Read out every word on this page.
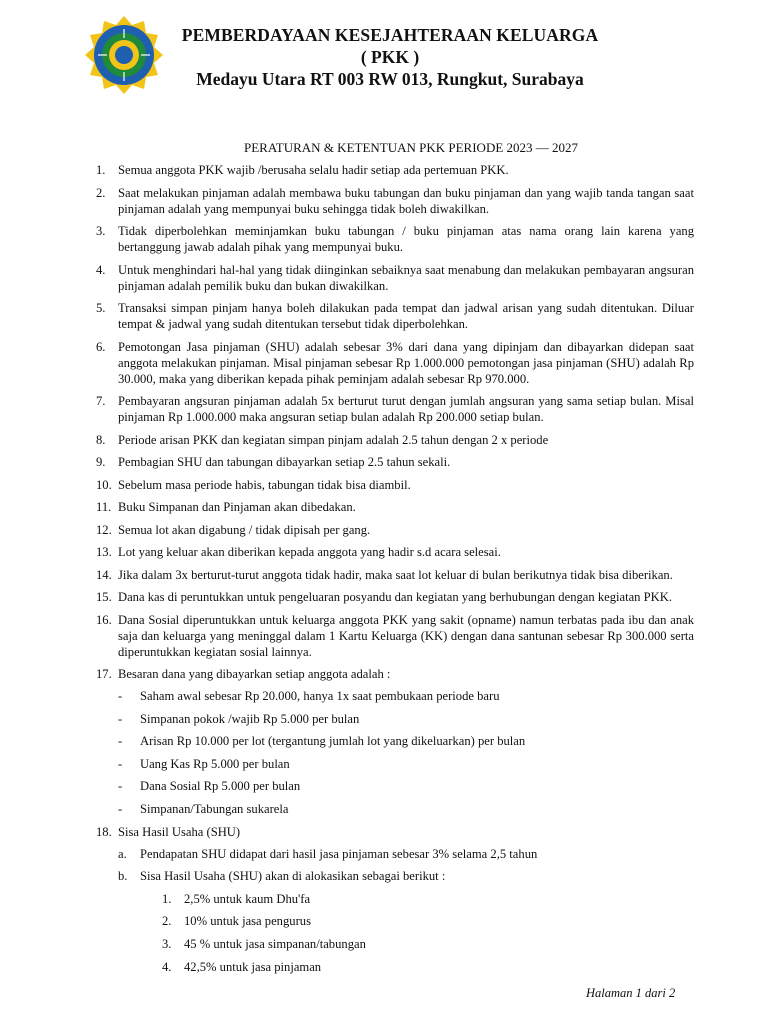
PEMBERDAYAAN KESEJAHTERAAN KELUARGA
( PKK )
Medayu Utara RT 003 RW 013, Rungkut, Surabaya
PERATURAN & KETENTUAN PKK PERIODE 2023 — 2027
1. Semua anggota PKK wajib /berusaha selalu hadir setiap ada pertemuan PKK.
2. Saat melakukan pinjaman adalah membawa buku tabungan dan buku pinjaman dan yang wajib tanda tangan saat pinjaman adalah yang mempunyai buku sehingga tidak boleh diwakilkan.
3. Tidak diperbolehkan meminjamkan buku tabungan / buku pinjaman atas nama orang lain karena yang bertanggung jawab adalah pihak yang mempunyai buku.
4. Untuk menghindari hal-hal yang tidak diinginkan sebaiknya saat menabung dan melakukan pembayaran angsuran pinjaman adalah pemilik buku dan bukan diwakilkan.
5. Transaksi simpan pinjam hanya boleh dilakukan pada tempat dan jadwal arisan yang sudah ditentukan. Diluar tempat & jadwal yang sudah ditentukan tersebut tidak diperbolehkan.
6. Pemotongan Jasa pinjaman (SHU) adalah sebesar 3% dari dana yang dipinjam dan dibayarkan didepan saat anggota melakukan pinjaman. Misal pinjaman sebesar Rp 1.000.000 pemotongan jasa pinjaman (SHU) adalah Rp 30.000, maka yang diberikan kepada pihak peminjam adalah sebesar Rp 970.000.
7. Pembayaran angsuran pinjaman adalah 5x berturut turut dengan jumlah angsuran yang sama setiap bulan. Misal pinjaman Rp 1.000.000 maka angsuran setiap bulan adalah Rp 200.000 setiap bulan.
8. Periode arisan PKK dan kegiatan simpan pinjam adalah 2.5 tahun dengan 2 x periode
9. Pembagian SHU dan tabungan dibayarkan setiap 2.5 tahun sekali.
10. Sebelum masa periode habis, tabungan tidak bisa diambil.
11. Buku Simpanan dan Pinjaman akan dibedakan.
12. Semua lot akan digabung / tidak dipisah per gang.
13. Lot yang keluar akan diberikan kepada anggota yang hadir s.d acara selesai.
14. Jika dalam 3x berturut-turut anggota tidak hadir, maka saat lot keluar di bulan berikutnya tidak bisa diberikan.
15. Dana kas di peruntukkan untuk pengeluaran posyandu dan kegiatan yang berhubungan dengan kegiatan PKK.
16. Dana Sosial diperuntukkan untuk keluarga anggota PKK yang sakit (opname) namun terbatas pada ibu dan anak saja dan keluarga yang meninggal dalam 1 Kartu Keluarga (KK) dengan dana santunan sebesar Rp 300.000 serta diperuntukkan kegiatan sosial lainnya.
17. Besaran dana yang dibayarkan setiap anggota adalah :
- Saham awal sebesar Rp 20.000, hanya 1x saat pembukaan periode baru
- Simpanan pokok /wajib Rp 5.000 per bulan
- Arisan Rp 10.000 per lot (tergantung jumlah lot yang dikeluarkan) per bulan
- Uang Kas Rp 5.000 per bulan
- Dana Sosial Rp 5.000 per bulan
- Simpanan/Tabungan sukarela
18. Sisa Hasil Usaha (SHU)
a. Pendapatan SHU didapat dari hasil jasa pinjaman sebesar 3% selama 2,5 tahun
b. Sisa Hasil Usaha (SHU) akan di alokasikan sebagai berikut :
1. 2,5% untuk kaum Dhu'fa
2. 10% untuk jasa pengurus
3. 45 % untuk jasa simpanan/tabungan
4. 42,5% untuk jasa pinjaman
Halaman 1 dari 2
